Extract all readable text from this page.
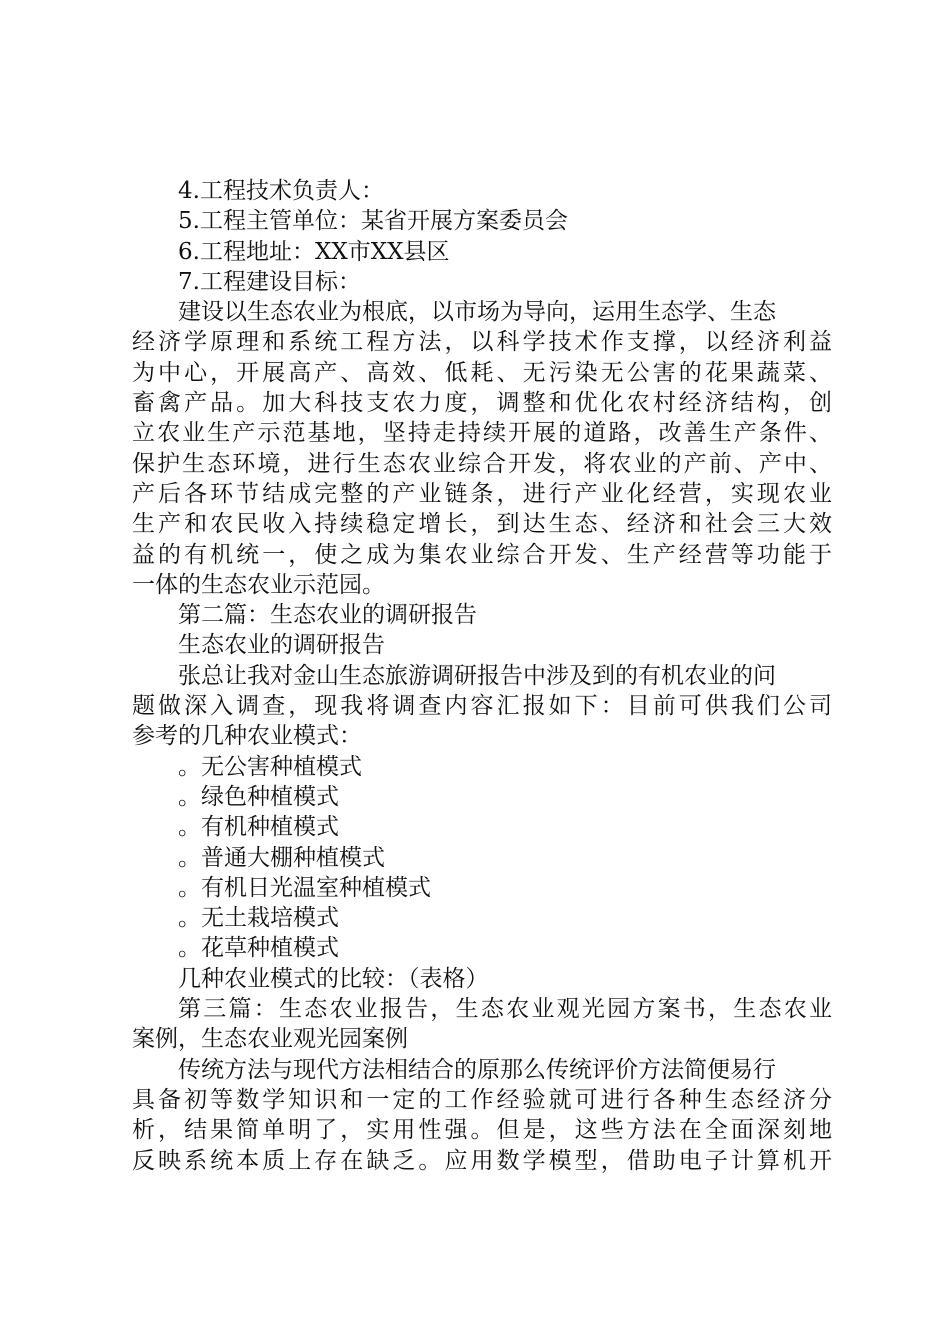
4.工程技术负责人：
5.工程主管单位：某省开展方案委员会
6.工程地址：XX市XX县区
7.工程建设目标：
建设以生态农业为根底，以市场为导向，运用生态学、生态
经济学原理和系统工程方法，以科学技术作支撑，以经济利益
为中心，开展高产、高效、低耗、无污染无公害的花果蔬菜、
畜禽产品。加大科技支农力度，调整和优化农村经济结构，创
立农业生产示范基地，坚持走持续开展的道路，改善生产条件、
保护生态环境，进行生态农业综合开发，将农业的产前、产中、
产后各环节结成完整的产业链条，进行产业化经营，实现农业
生产和农民收入持续稳定增长，到达生态、经济和社会三大效
益的有机统一，使之成为集农业综合开发、生产经营等功能于
一体的生态农业示范园。
第二篇：生态农业的调研报告
生态农业的调研报告
张总让我对金山生态旅游调研报告中涉及到的有机农业的问
题做深入调查，现我将调查内容汇报如下：目前可供我们公司
参考的几种农业模式：
。无公害种植模式
。绿色种植模式
。有机种植模式
。普通大棚种植模式
。有机日光温室种植模式
。无土栽培模式
。花草种植模式
几种农业模式的比较：（表格）
第三篇：生态农业报告，生态农业观光园方案书，生态农业
案例，生态农业观光园案例
传统方法与现代方法相结合的原那么传统评价方法简便易行
具备初等数学知识和一定的工作经验就可进行各种生态经济分
析，结果简单明了，实用性强。但是，这些方法在全面深刻地
反映系统本质上存在缺乏。应用数学模型，借助电子计算机开
